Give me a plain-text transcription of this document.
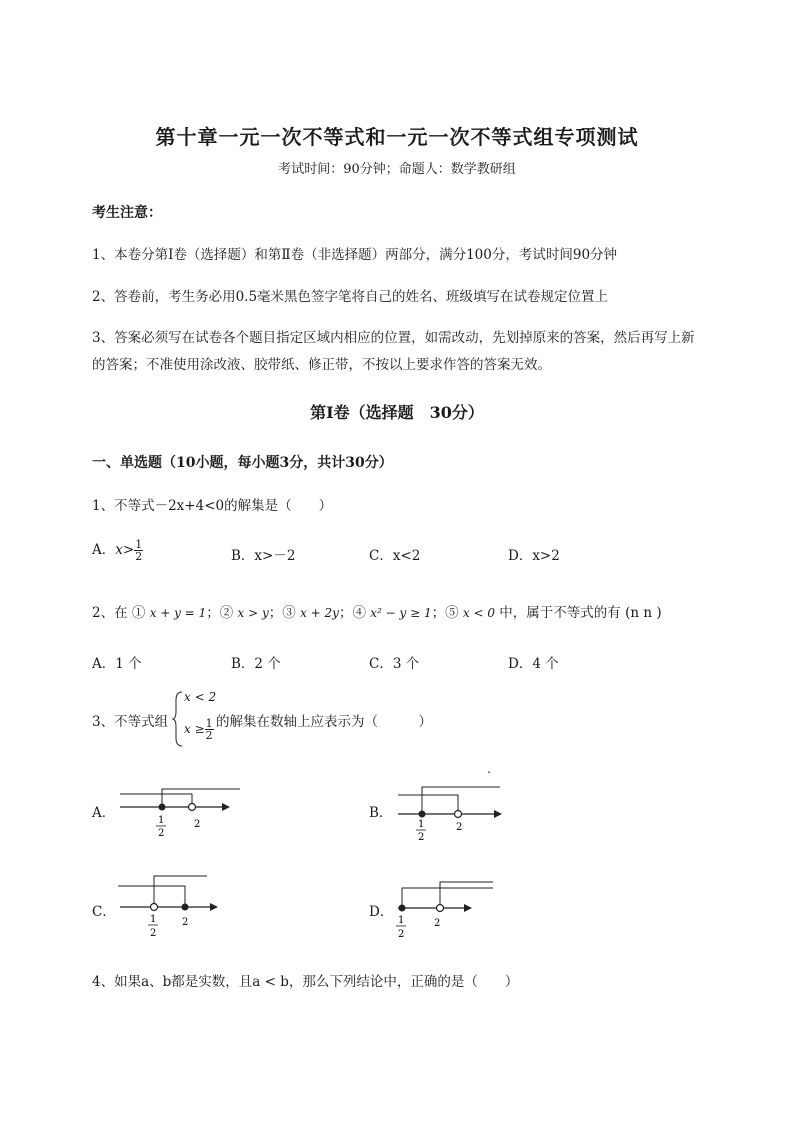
第十章一元一次不等式和一元一次不等式组专项测试
考试时间：90分钟；命题人：数学教研组
考生注意：
1、本卷分第Ⅰ卷（选择题）和第Ⅱ卷（非选择题）两部分，满分100分，考试时间90分钟
2、答卷前，考生务必用0.5毫米黑色签字笔将自己的姓名、班级填写在试卷规定位置上
3、答案必须写在试卷各个题目指定区域内相应的位置，如需改动，先划掉原来的答案，然后再写上新
的答案；不准使用涂改液、胶带纸、修正带，不按以上要求作答的答案无效。
第Ⅰ卷（选择题　30分）
一、单选题（10小题，每小题3分，共计30分）
1、不等式－2x+4<0的解集是（　　）
A．$x> \frac{1}{2}$	B．x>－2	C．x<2	D．x>2
2、在 ① x + y = 1；② x > y；③ x + 2y；④ x² − y ≥ 1；⑤ x < 0 中，属于不等式的有 (n n )
A．1 个	B．2 个	C．3 个	D．4 个
3、不等式组
x < 2
$x \ge \frac{1}{2}$ 的解集在数轴上应表示为（　　　）
A．	B．
C．	D．
.
1
2
2	1
2
2
1
2
2	1
2
2
4、如果a、b都是实数，且a < b，那么下列结论中，正确的是（　　）
